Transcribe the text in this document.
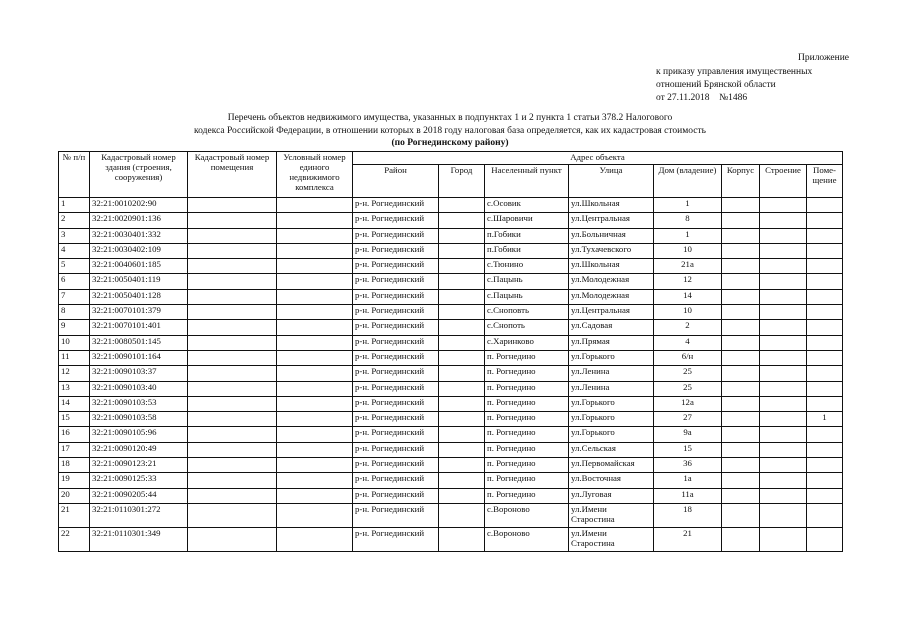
Приложение
к приказу управления имущественных
отношений Брянской области
от 27.11.2018 №1486
Перечень объектов недвижимого имущества, указанных в подпунктах 1 и 2 пункта 1 статьи 378.2 Налогового
кодекса Российской Федерации, в отношении которых в 2018 году налоговая база определяется, как их кадастровая стоимость
(по Рогнединскому району)
№ п/п	Кадастровый номер здания (строения, сооружения)	Кадастровый номер помещения	Условный номер единого недвижимого комплекса	Адрес объекта							
				Район	Город	Населенный пункт	Улица	Дом (владение)	Корпус	Строение	Поме-щение
1	32:21:0010202:90			р-н. Рогнединский		с.Осовик	ул.Школьная	1			
2	32:21:0020901:136			р-н. Рогнединский		с.Шаровичи	ул.Центральная	8			
3	32:21:0030401:332			р-н. Рогнединский		п.Гобики	ул.Больничная	1			
4	32:21:0030402:109			р-н. Рогнединский		п.Гобики	ул.Тухачевского	10			
5	32:21:0040601:185			р-н. Рогнединский		с.Тюнино	ул.Школьная	21а			
6	32:21:0050401:119			р-н. Рогнединский		с.Пацынь	ул.Молодежная	12			
7	32:21:0050401:128			р-н. Рогнединский		с.Пацынь	ул.Молодежная	14			
8	32:21:0070101:379			р-н. Рогнединский		с.Сноповть	ул.Центральная	10			
9	32:21:0070101:401			р-н. Рогнединский		с.Снопоть	ул.Садовая	2			
10	32:21:0080501:145			р-н. Рогнединский		с.Харинково	ул.Прямая	4			
11	32:21:0090101:164			р-н. Рогнединский		п. Рогнедино	ул.Горького	6/н			
12	32:21:0090103:37			р-н. Рогнединский		п. Рогнедино	ул.Ленина	25			
13	32:21:0090103:40			р-н. Рогнединский		п. Рогнедино	ул.Ленина	25			
14	32:21:0090103:53			р-н. Рогнединский		п. Рогнедино	ул.Горького	12а			
15	32:21:0090103:58			р-н. Рогнединский		п. Рогнедино	ул.Горького	27			1
16	32:21:0090105:96			р-н. Рогнединский		п. Рогнедино	ул.Горького	9а			
17	32:21:0090120:49			р-н. Рогнединский		п. Рогнедино	ул.Сельская	15			
18	32:21:0090123:21			р-н. Рогнединский		п. Рогнедино	ул.Первомайская	36			
19	32:21:0090125:33			р-н. Рогнединский		п. Рогнедино	ул.Восточная	1а			
20	32:21:0090205:44			р-н. Рогнединский		п. Рогнедино	ул.Луговая	11а			
21	32:21:0110301:272			р-н. Рогнединский		с.Вороново	ул.Имени Старостина	18			
22	32:21:0110301:349			р-н. Рогнединский		с.Вороново	ул.Имени Старостина	21			
